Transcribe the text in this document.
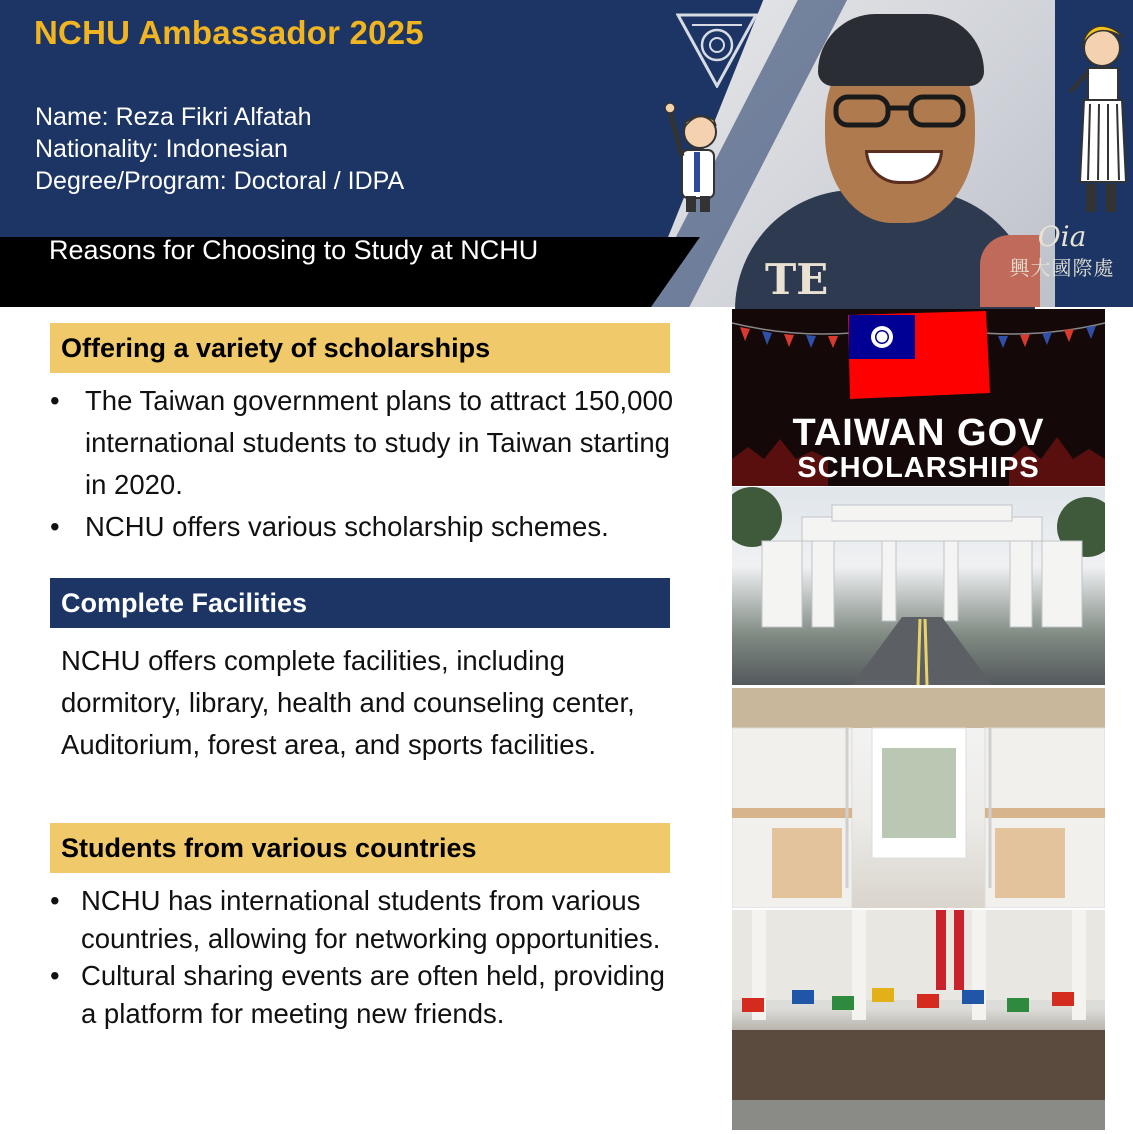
NCHU Ambassador 2025
Name: Reza Fikri Alfatah
Nationality: Indonesian
Degree/Program: Doctoral / IDPA
Reasons for Choosing to Study at NCHU
TE
Oia
興大國際處
Offering a variety of scholarships
• The Taiwan government plans to attract 150,000 international students to study in Taiwan starting in 2020.
• NCHU offers various scholarship schemes.
Complete Facilities

NCHU offers complete facilities, including dormitory, library, health and counseling center, Auditorium, forest area, and sports facilities.

Students from various countries
• NCHU has international students from various countries, allowing for networking opportunities.
• Cultural sharing events are often held, providing a platform for meeting new friends.
TAIWAN GOV
SCHOLARSHIPS
